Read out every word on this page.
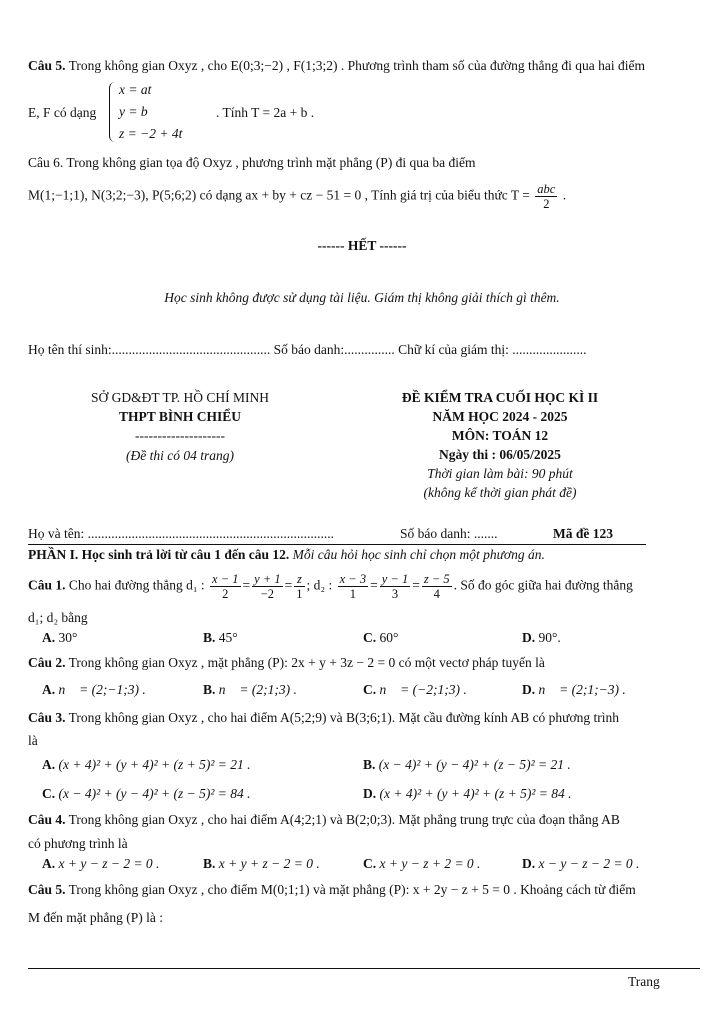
Câu 5. Trong không gian Oxyz , cho E(0;3;−2) , F(1;3;2) . Phương trình tham số của đường thẳng đi qua hai điểm
E, F có dạng
x = at
y = b
z = −2 + 4t
. Tính T = 2a + b .
Câu 6. Trong không gian tọa độ Oxyz , phương trình mặt phẳng (P) đi qua ba điểm
M(1;−1;1), N(3;2;−3), P(5;6;2) có dạng ax + by + cz − 51 = 0 , Tính giá trị của biểu thức $T = \frac{\text{abc}}{2}$ .
------ HẾT ------
Học sinh không được sử dụng tài liệu. Giám thị không giải thích gì thêm.
Họ tên thí sinh:............................................... Số báo danh:............... Chữ kí của giám thị: ......................
SỞ GD&ĐT TP. HỒ CHÍ MINH
THPT BÌNH CHIỂU
--------------------
(Đề thi có 04 trang)
ĐỀ KIỂM TRA CUỐI HỌC KÌ II
NĂM HỌC 2024 - 2025
MÔN: TOÁN 12
Ngày thi : 06/05/2025
Thời gian làm bài: 90 phút
(không kể thời gian phát đề)
Họ và tên: .........................................................................	Số báo danh: .......	Mã đề 123
PHẦN I. Học sinh trả lời từ câu 1 đến câu 12. Mỗi câu hỏi học sinh chỉ chọn một phương án.
Câu 1. Cho hai đường thẳng d₁ : $\frac{x - 1}{2} = \frac{y + 1}{-2} = \frac{z}{1}$ ; d₂ : $\frac{x - 3}{1} = \frac{y - 1}{3} = \frac{z - 5}{4}$ . Số đo góc giữa hai đường thẳng
d₁; d₂ bằng
A. 30°	B. 45°	C. 60°	D. 90°.
Câu 2. Trong không gian Oxyz , mặt phẳng (P): 2x + y + 3z − 2 = 0 có một vectơ pháp tuyến là
A. n⃗ = (2;−1;3) .	B. n⃗ = (2;1;3) .	C. n⃗ = (−2;1;3) .	D. n⃗ = (2;1;−3) .
Câu 3. Trong không gian Oxyz , cho hai điểm A(5;2;9) và B(3;6;1). Mặt cầu đường kính AB có phương trình
là
A. (x + 4)² + (y + 4)² + (z + 5)² = 21 .	B. (x − 4)² + (y − 4)² + (z − 5)² = 21 .
C. (x − 4)² + (y − 4)² + (z − 5)² = 84 .	D. (x + 4)² + (y + 4)² + (z + 5)² = 84 .
Câu 4. Trong không gian Oxyz , cho hai điểm A(4;2;1) và B(2;0;3). Mặt phẳng trung trực của đoạn thẳng AB
có phương trình là
A. x + y − z − 2 = 0 .	B. x + y + z − 2 = 0 .	C. x + y − z + 2 = 0 .	D. x − y − z − 2 = 0 .
Câu 5. Trong không gian Oxyz , cho điểm M(0;1;1) và mặt phẳng (P): x + 2y − z + 5 = 0 . Khoảng cách từ điểm
M đến mặt phẳng (P) là :
Trang
